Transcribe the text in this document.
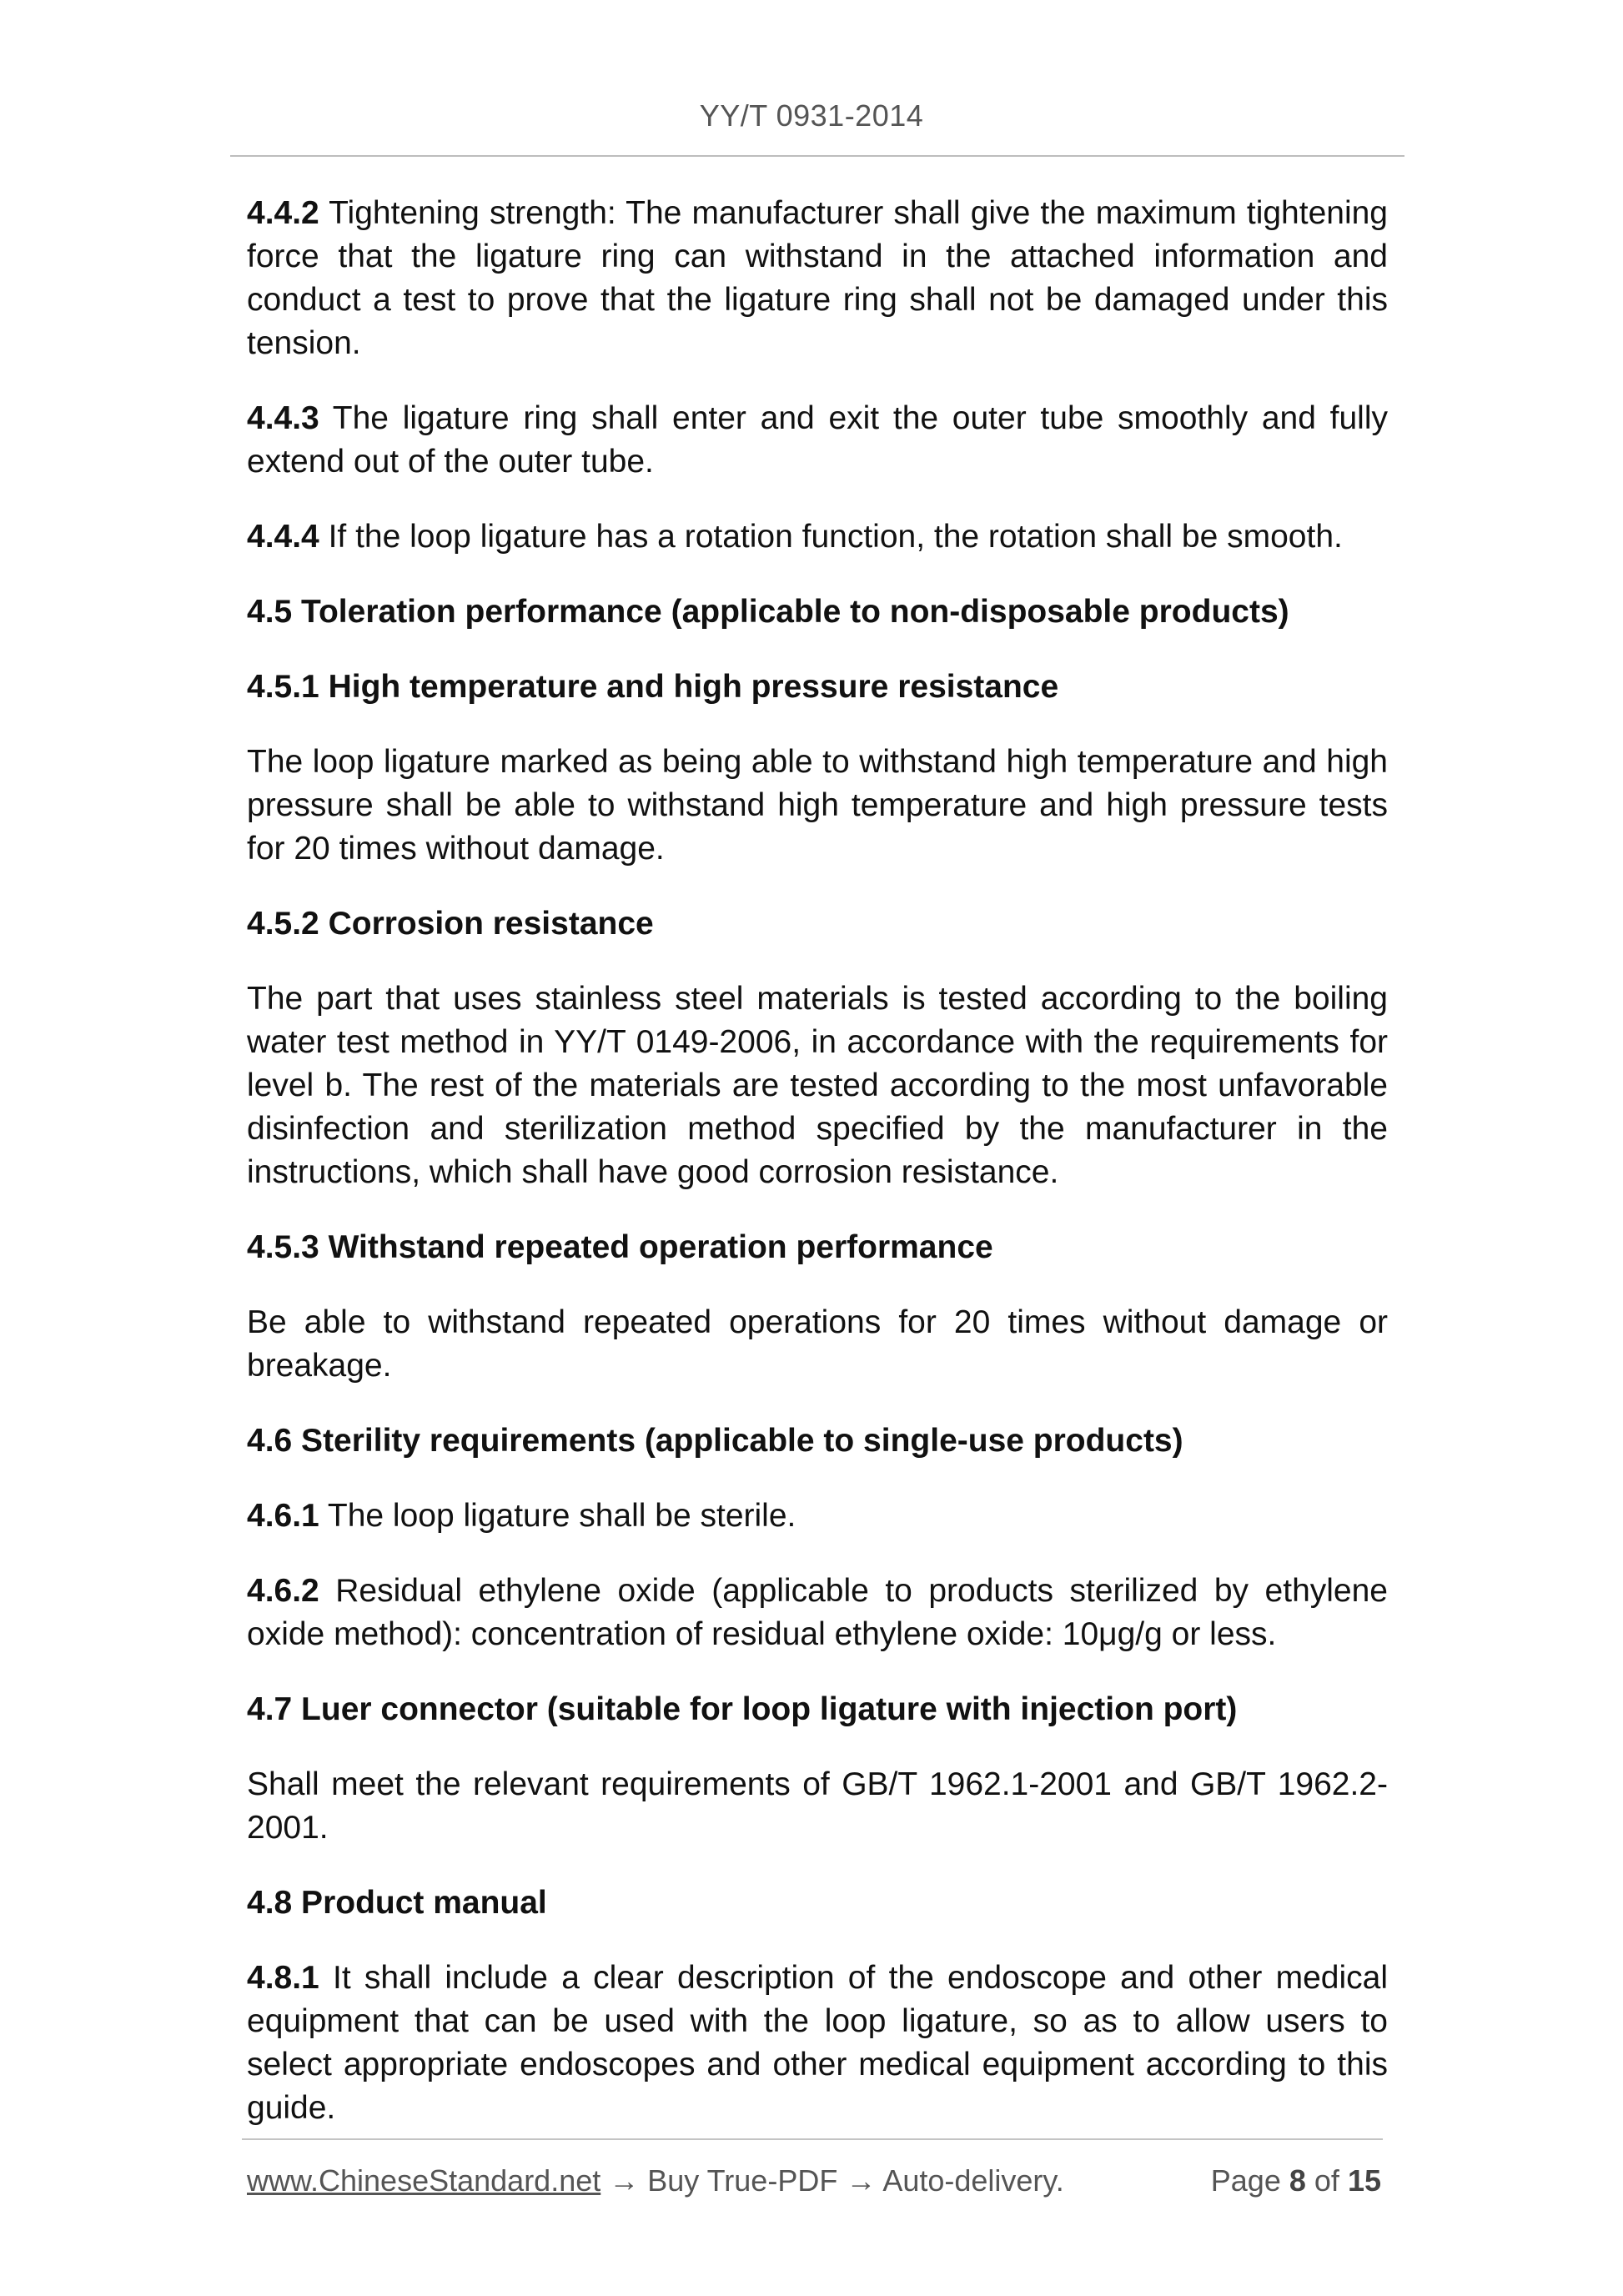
YY/T 0931-2014

4.4.2 Tightening strength: The manufacturer shall give the maximum tightening force that the ligature ring can withstand in the attached information and conduct a test to prove that the ligature ring shall not be damaged under this tension.

4.4.3 The ligature ring shall enter and exit the outer tube smoothly and fully extend out of the outer tube.

4.4.4 If the loop ligature has a rotation function, the rotation shall be smooth.

4.5 Toleration performance (applicable to non-disposable products)
4.5.1 High temperature and high pressure resistance

The loop ligature marked as being able to withstand high temperature and high pressure shall be able to withstand high temperature and high pressure tests for 20 times without damage.

4.5.2 Corrosion resistance

The part that uses stainless steel materials is tested according to the boiling water test method in YY/T 0149-2006, in accordance with the requirements for level b. The rest of the materials are tested according to the most unfavorable disinfection and sterilization method specified by the manufacturer in the instructions, which shall have good corrosion resistance.

4.5.3 Withstand repeated operation performance

Be able to withstand repeated operations for 20 times without damage or breakage.

4.6 Sterility requirements (applicable to single-use products)

4.6.1 The loop ligature shall be sterile.

4.6.2 Residual ethylene oxide (applicable to products sterilized by ethylene oxide method): concentration of residual ethylene oxide: 10μg/g or less.

4.7 Luer connector (suitable for loop ligature with injection port)

Shall meet the relevant requirements of GB/T 1962.1-2001 and GB/T 1962.2-2001.

4.8 Product manual

4.8.1 It shall include a clear description of the endoscope and other medical equipment that can be used with the loop ligature, so as to allow users to select appropriate endoscopes and other medical equipment according to this guide.

www.ChineseStandard.net → Buy True-PDF → Auto-delivery.	Page 8 of 15
